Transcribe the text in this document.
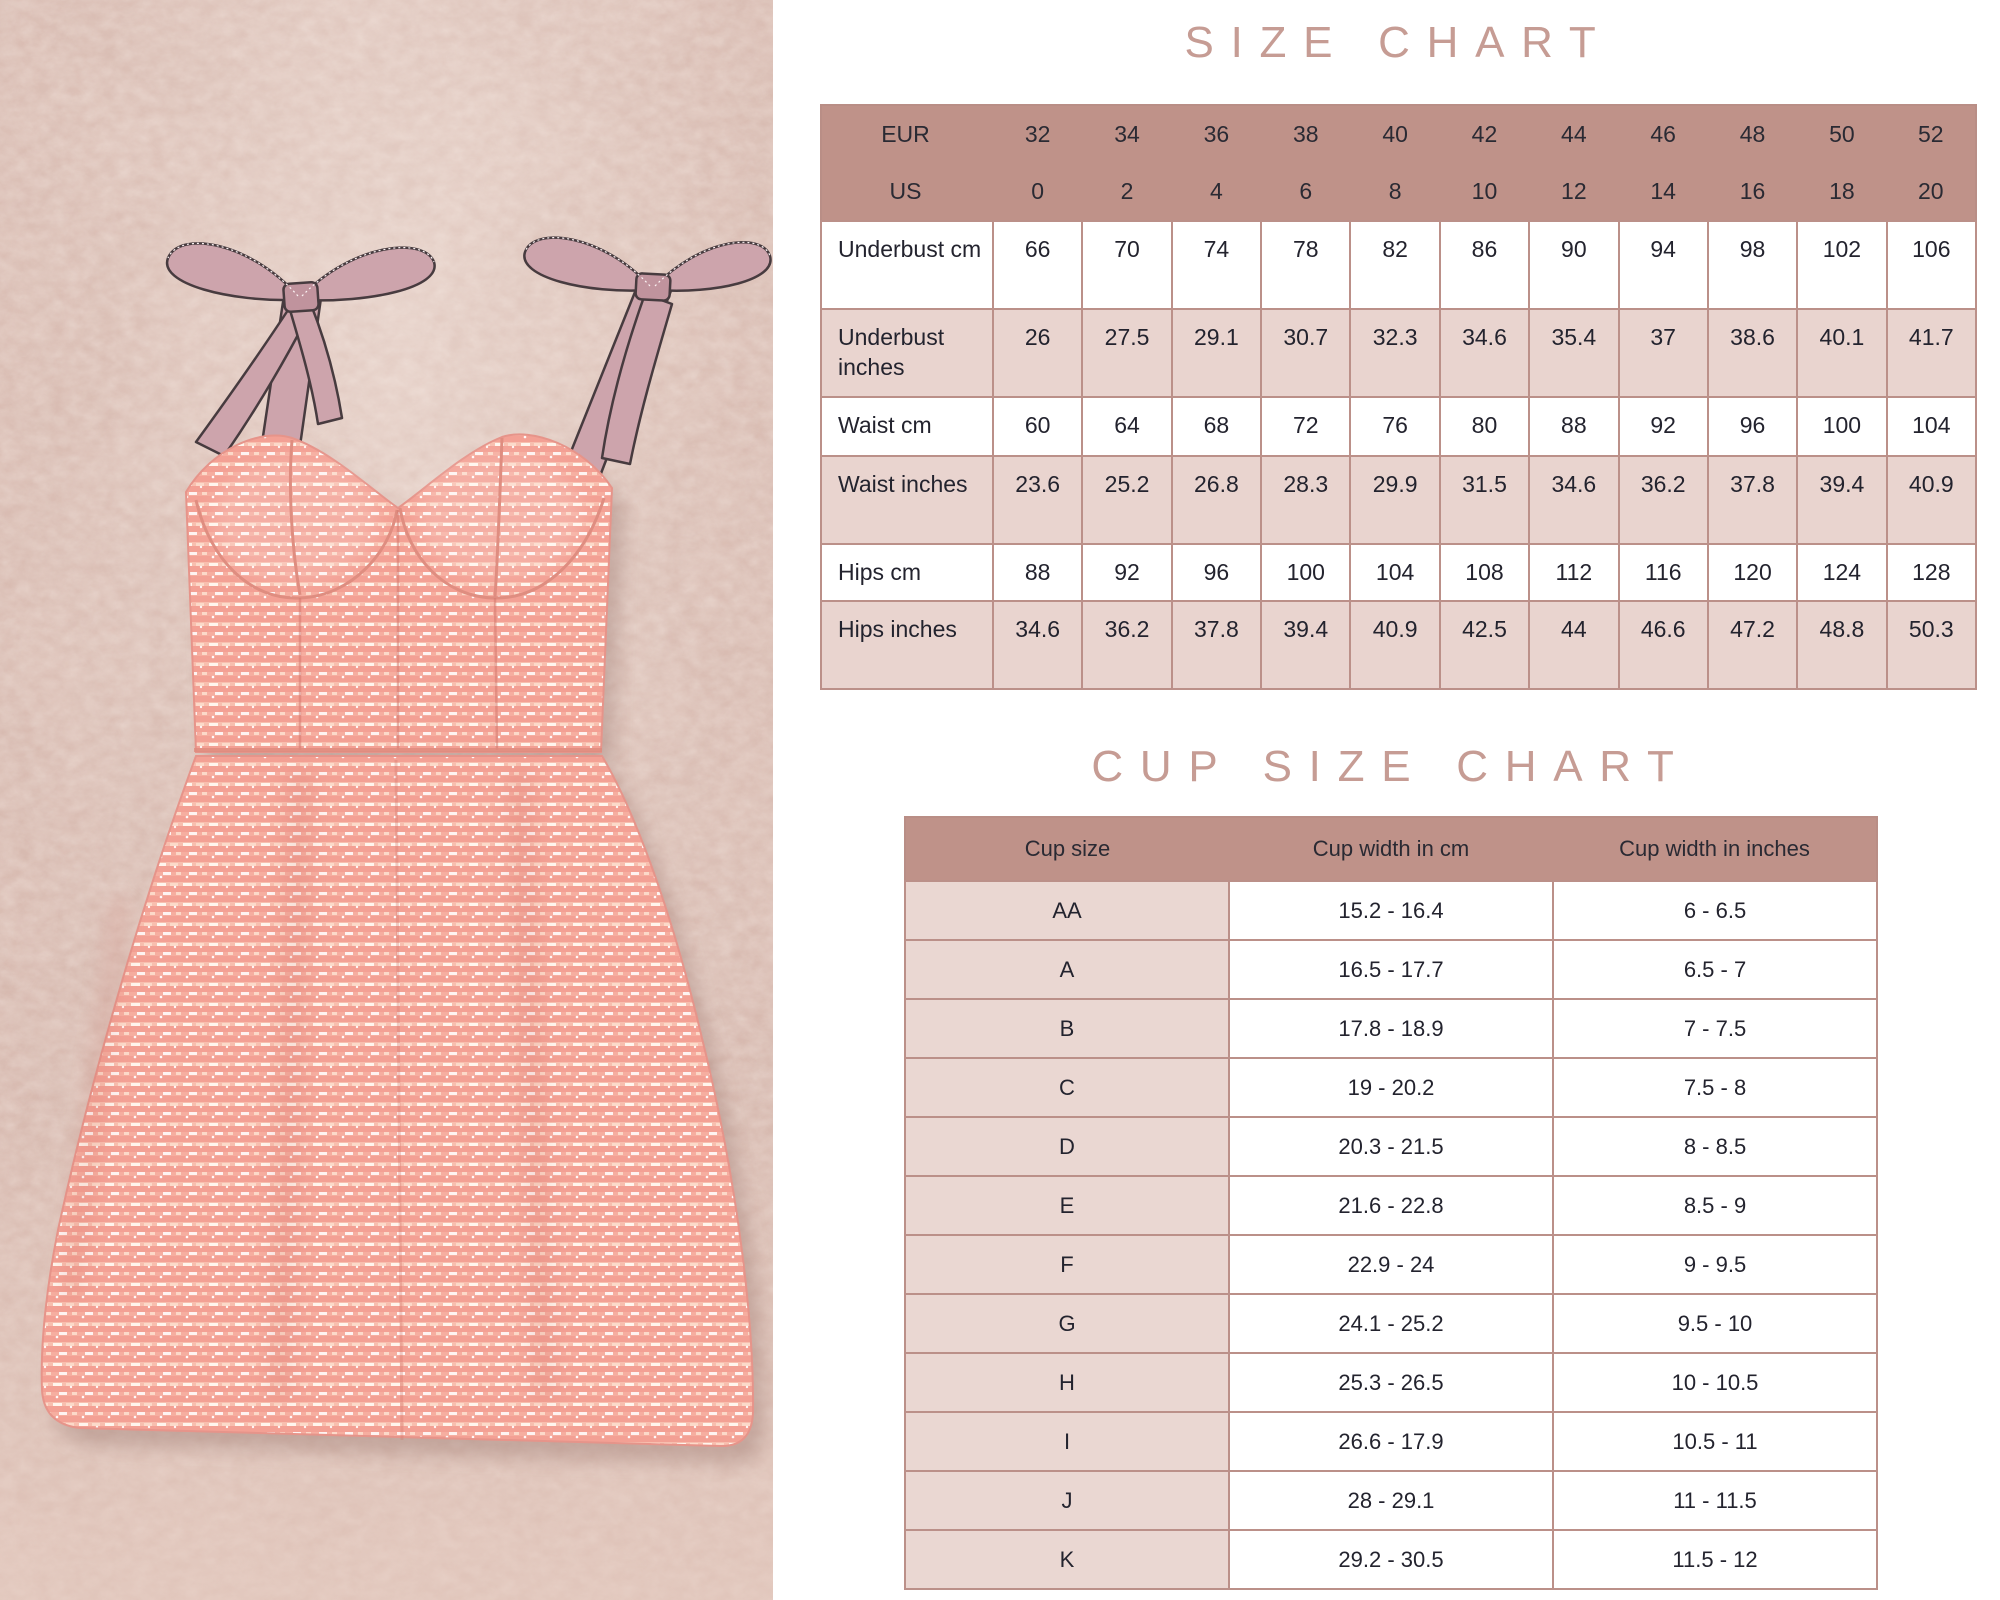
SIZE CHART
EUR	32	34	36	38	40	42	44	46	48	50	52
US	0	2	4	6	8	10	12	14	16	18	20
Underbust cm	66	70	74	78	82	86	90	94	98	102	106
Underbust inches	26	27.5	29.1	30.7	32.3	34.6	35.4	37	38.6	40.1	41.7
Waist cm	60	64	68	72	76	80	88	92	96	100	104
Waist inches	23.6	25.2	26.8	28.3	29.9	31.5	34.6	36.2	37.8	39.4	40.9
Hips cm	88	92	96	100	104	108	112	116	120	124	128
Hips inches	34.6	36.2	37.8	39.4	40.9	42.5	44	46.6	47.2	48.8	50.3
CUP SIZE CHART
Cup size	Cup width in cm	Cup width in inches
AA	15.2 - 16.4	6 - 6.5
A	16.5 - 17.7	6.5 - 7
B	17.8 - 18.9	7 - 7.5
C	19 - 20.2	7.5 - 8
D	20.3 - 21.5	8 - 8.5
E	21.6 - 22.8	8.5 - 9
F	22.9 - 24	9 - 9.5
G	24.1 - 25.2	9.5 - 10
H	25.3 - 26.5	10 - 10.5
I	26.6 - 17.9	10.5 - 11
J	28 - 29.1	11 - 11.5
K	29.2 - 30.5	11.5 - 12
